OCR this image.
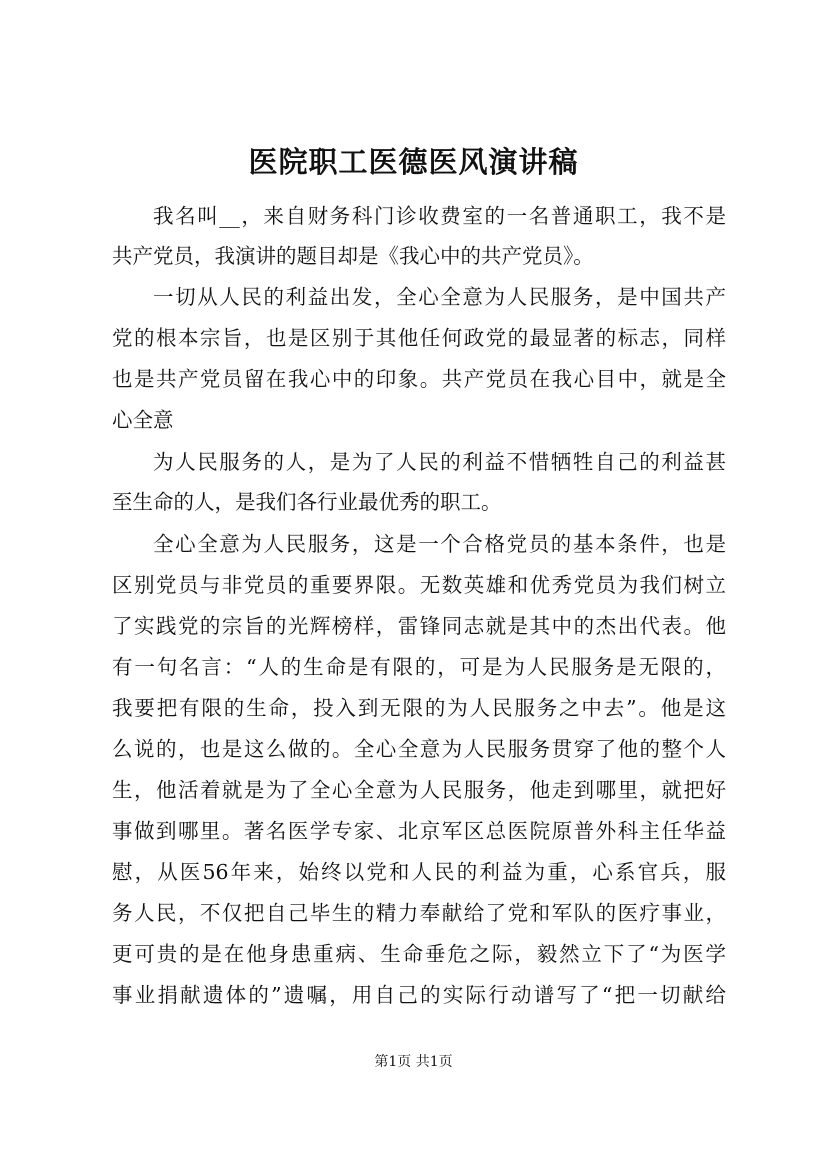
医院职工医德医风演讲稿

我名叫__，来自财务科门诊收费室的一名普通职工，我不是

共产党员，我演讲的题目却是《我心中的共产党员》。

一切从人民的利益出发，全心全意为人民服务，是中国共产

党的根本宗旨，也是区别于其他任何政党的最显著的标志，同样

也是共产党员留在我心中的印象。共产党员在我心目中，就是全

心全意

为人民服务的人，是为了人民的利益不惜牺牲自己的利益甚

至生命的人，是我们各行业最优秀的职工。

全心全意为人民服务，这是一个合格党员的基本条件，也是

区别党员与非党员的重要界限。无数英雄和优秀党员为我们树立

了实践党的宗旨的光辉榜样，雷锋同志就是其中的杰出代表。他

有一句名言：“人的生命是有限的，可是为人民服务是无限的，

我要把有限的生命，投入到无限的为人民服务之中去”。他是这

么说的，也是这么做的。全心全意为人民服务贯穿了他的整个人

生，他活着就是为了全心全意为人民服务，他走到哪里，就把好

事做到哪里。著名医学专家、北京军区总医院原普外科主任华益

慰，从医56年来，始终以党和人民的利益为重，心系官兵，服

务人民，不仅把自己毕生的精力奉献给了党和军队的医疗事业，

更可贵的是在他身患重病、生命垂危之际，毅然立下了“为医学

事业捐献遗体的”遗嘱，用自己的实际行动谱写了“把一切献给

第1页 共1页
